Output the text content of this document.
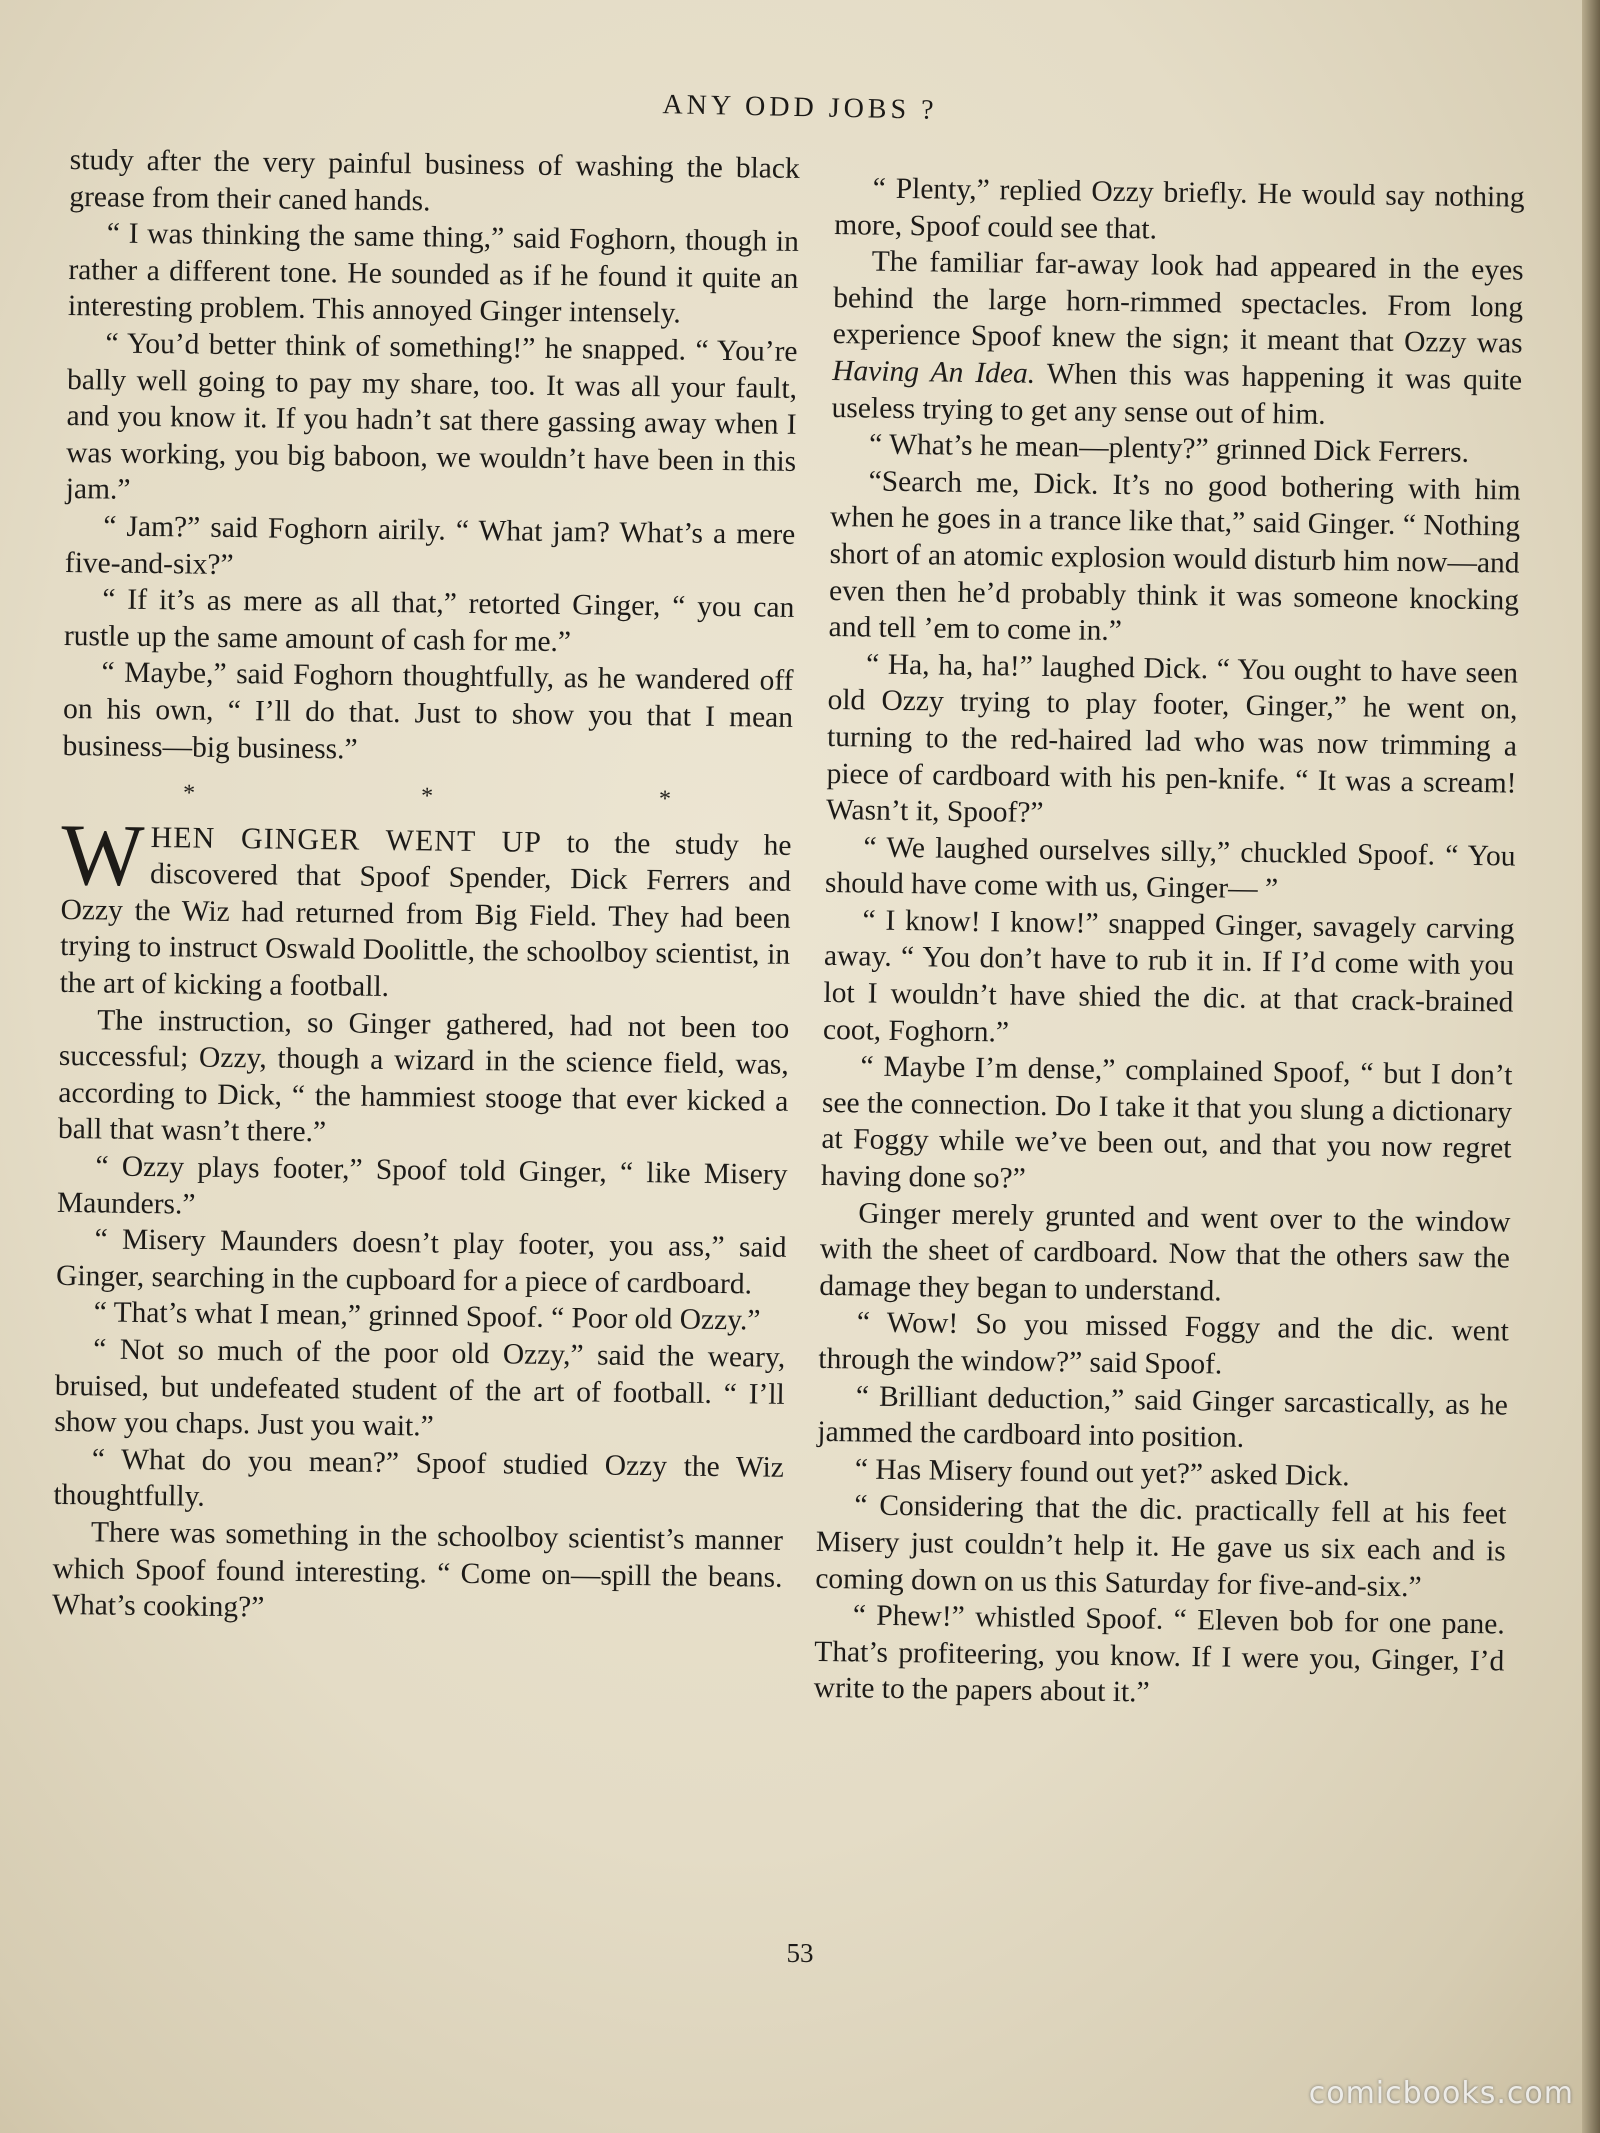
ANY ODD JOBS ?

study after the very painful business of washing the black grease from their caned hands.

“ I was thinking the same thing,” said Foghorn, though in rather a different tone. He sounded as if he found it quite an interesting problem. This annoyed Ginger intensely.

“ You’d better think of something!” he snapped. “ You’re bally well going to pay my share, too. It was all your fault, and you know it. If you hadn’t sat there gassing away when I was working, you big baboon, we wouldn’t have been in this jam.”

“ Jam?” said Foghorn airily. “ What jam? What’s a mere five-and-six?”

“ If it’s as mere as all that,” retorted Ginger, “ you can rustle up the same amount of cash for me.”

“ Maybe,” said Foghorn thoughtfully, as he wandered off on his own, “ I’ll do that. Just to show you that I mean business—big business.”

* * *

WHEN GINGER WENT UP to the study he discovered that Spoof Spender, Dick Ferrers and Ozzy the Wiz had returned from Big Field. They had been trying to instruct Oswald Doolittle, the schoolboy scientist, in the art of kicking a football.

The instruction, so Ginger gathered, had not been too successful; Ozzy, though a wizard in the science field, was, according to Dick, “ the hammiest stooge that ever kicked a ball that wasn’t there.”

“ Ozzy plays footer,” Spoof told Ginger, “ like Misery Maunders.”

“ Misery Maunders doesn’t play footer, you ass,” said Ginger, searching in the cupboard for a piece of cardboard.

“ That’s what I mean,” grinned Spoof. “ Poor old Ozzy.”

“ Not so much of the poor old Ozzy,” said the weary, bruised, but undefeated student of the art of football. “ I’ll show you chaps. Just you wait.”

“ What do you mean?” Spoof studied Ozzy the Wiz thoughtfully.

There was something in the schoolboy scientist’s manner which Spoof found interesting. “ Come on—spill the beans. What’s cooking?”

“ Plenty,” replied Ozzy briefly. He would say nothing more, Spoof could see that.

The familiar far-away look had appeared in the eyes behind the large horn-rimmed spectacles. From long experience Spoof knew the sign; it meant that Ozzy was Having An Idea. When this was happening it was quite useless trying to get any sense out of him.

“ What’s he mean—plenty?” grinned Dick Ferrers.

“Search me, Dick. It’s no good bothering with him when he goes in a trance like that,” said Ginger. “ Nothing short of an atomic explosion would disturb him now—and even then he’d probably think it was someone knocking and tell ’em to come in.”

“ Ha, ha, ha!” laughed Dick. “ You ought to have seen old Ozzy trying to play footer, Ginger,” he went on, turning to the red-haired lad who was now trimming a piece of cardboard with his pen-knife. “ It was a scream! Wasn’t it, Spoof?”

“ We laughed ourselves silly,” chuckled Spoof. “ You should have come with us, Ginger— ”

“ I know! I know!” snapped Ginger, savagely carving away. “ You don’t have to rub it in. If I’d come with you lot I wouldn’t have shied the dic. at that crack-brained coot, Foghorn.”

“ Maybe I’m dense,” complained Spoof, “ but I don’t see the connection. Do I take it that you slung a dictionary at Foggy while we’ve been out, and that you now regret having done so?”

Ginger merely grunted and went over to the window with the sheet of cardboard. Now that the others saw the damage they began to understand.

“ Wow! So you missed Foggy and the dic. went through the window?” said Spoof.

“ Brilliant deduction,” said Ginger sarcastically, as he jammed the cardboard into position.

“ Has Misery found out yet?” asked Dick.

“ Considering that the dic. practically fell at his feet Misery just couldn’t help it. He gave us six each and is coming down on us this Saturday for five-and-six.”

“ Phew!” whistled Spoof. “ Eleven bob for one pane. That’s profiteering, you know. If I were you, Ginger, I’d write to the papers about it.”

53
comicbooks.com
